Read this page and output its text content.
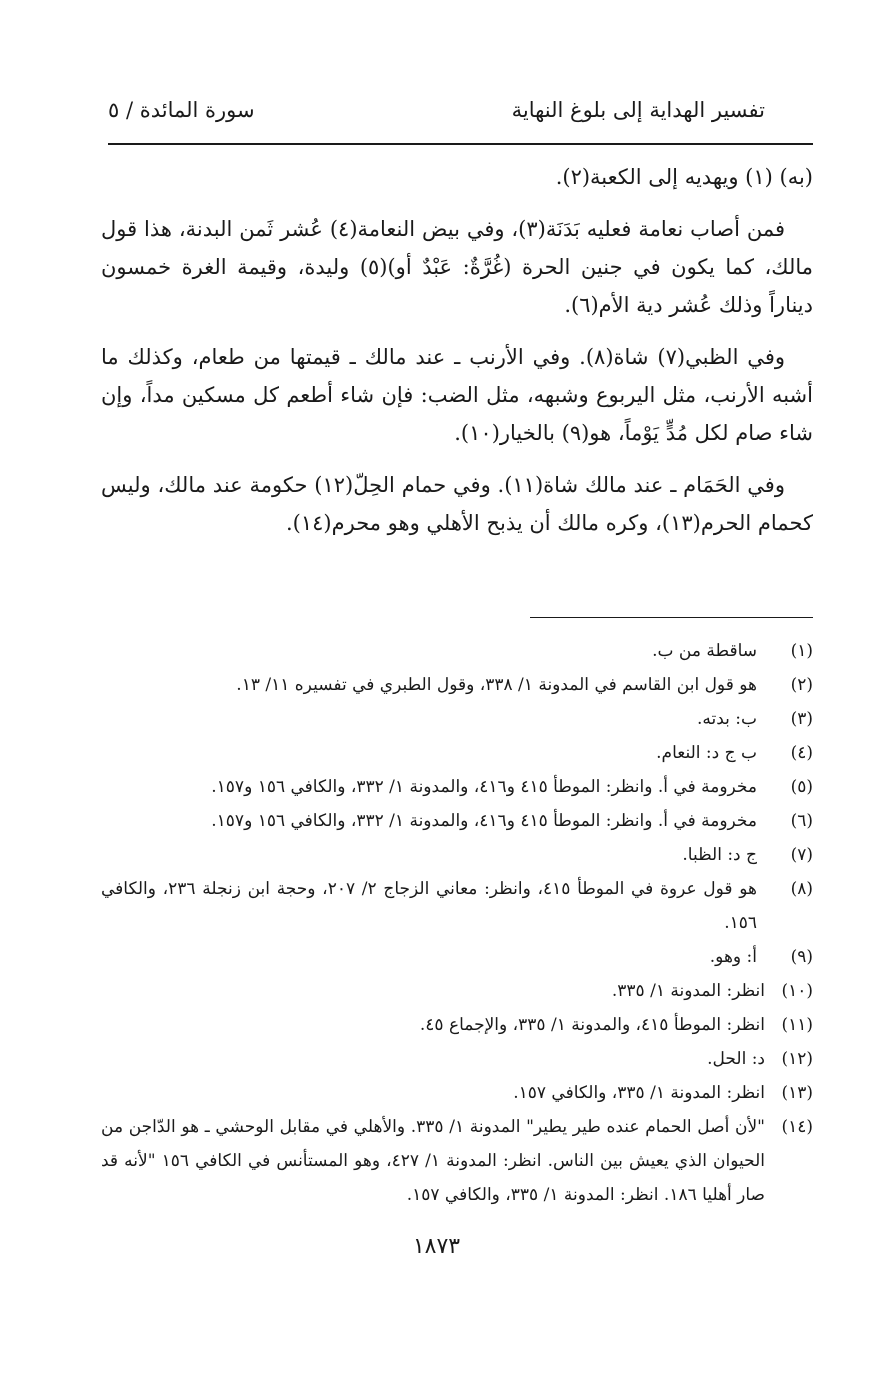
تفسير الهداية إلى بلوغ النهاية
سورة المائدة / ٥

(به) (١) ويهديه إلى الكعبة(٢).

فمن أصاب نعامة فعليه بَدَنَة(٣)، وفي بيض النعامة(٤) عُشر ثَمن البدنة، هذا قول مالك، كما يكون في جنين الحرة (غُرَّةٌ: عَبْدٌ أو)(٥) وليدة، وقيمة الغرة خمسون ديناراً وذلك عُشر دية الأم(٦).

وفي الظبي(٧) شاة(٨). وفي الأرنب ـ عند مالك ـ قيمتها من طعام، وكذلك ما أشبه الأرنب، مثل اليربوع وشبهه، مثل الضب: فإن شاء أطعم كل مسكين مداً، وإن شاء صام لكل مُدٍّ يَوْماً، هو(٩) بالخيار(١٠).

وفي الحَمَام ـ عند مالك شاة(١١). وفي حمام الحِلّ(١٢) حكومة عند مالك، وليس كحمام الحرم(١٣)، وكره مالك أن يذبح الأهلي وهو محرم(١٤).

(١)
ساقطة من ب.
(٢)
هو قول ابن القاسم في المدونة ١/ ٣٣٨، وقول الطبري في تفسيره ١١/ ١٣.
(٣)
ب: بدته.
(٤)
ب ج د: النعام.
(٥)
مخرومة في أ. وانظر: الموطأ ٤١٥ و٤١٦، والمدونة ١/ ٣٣٢، والكافي ١٥٦ و١٥٧.
(٦)
مخرومة في أ. وانظر: الموطأ ٤١٥ و٤١٦، والمدونة ١/ ٣٣٢، والكافي ١٥٦ و١٥٧.
(٧)
ج د: الظبا.
(٨)
هو قول عروة في الموطأ ٤١٥، وانظر: معاني الزجاج ٢/ ٢٠٧، وحجة ابن زنجلة ٢٣٦، والكافي ١٥٦.
(٩)
أ: وهو.
(١٠)
انظر: المدونة ١/ ٣٣٥.
(١١)
انظر: الموطأ ٤١٥، والمدونة ١/ ٣٣٥، والإجماع ٤٥.
(١٢)
د: الحل.
(١٣)
انظر: المدونة ١/ ٣٣٥، والكافي ١٥٧.
(١٤)
"لأن أصل الحمام عنده طير يطير" المدونة ١/ ٣٣٥. والأهلي في مقابل الوحشي ـ هو الدّاجن من الحيوان الذي يعيش بين الناس. انظر: المدونة ١/ ٤٢٧، وهو المستأنس في الكافي ١٥٦ "لأنه قد صار أهليا ١٨٦. انظر: المدونة ١/ ٣٣٥، والكافي ١٥٧.
١٨٧٣
